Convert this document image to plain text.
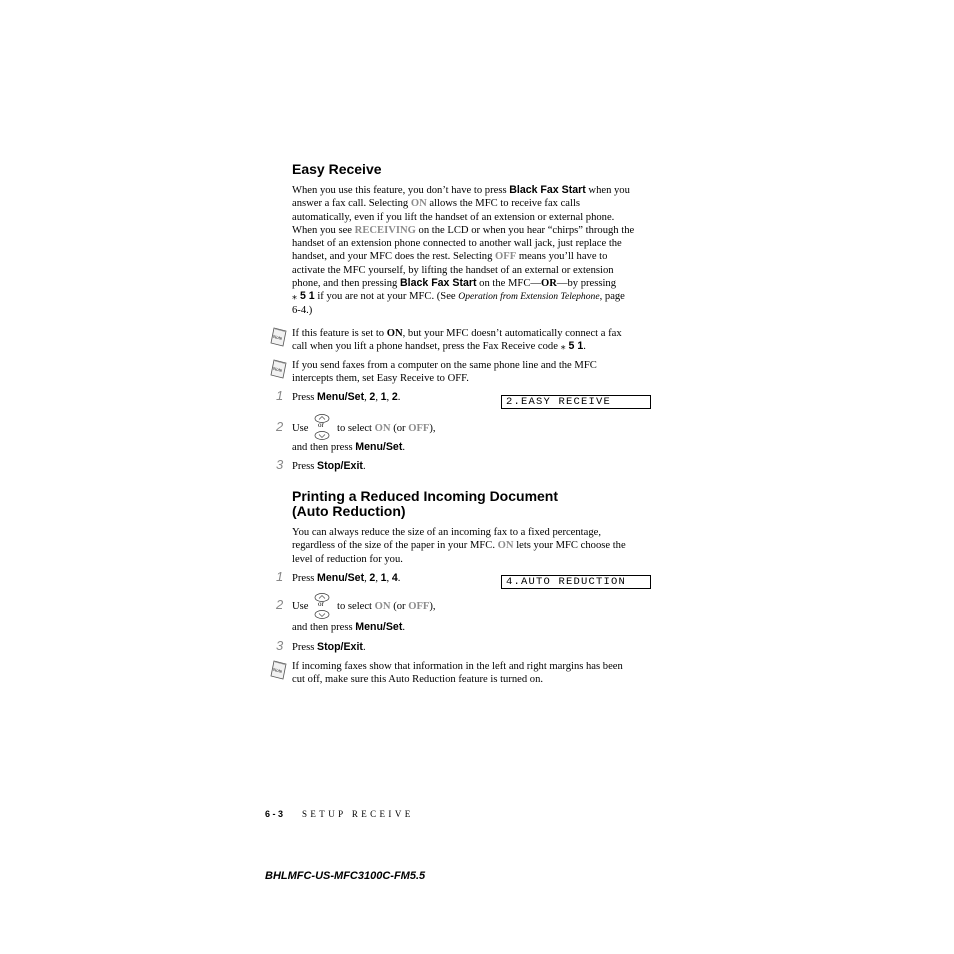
Easy Receive
When you use this feature, you don’t have to press Black Fax Start when you
answer a fax call. Selecting ON allows the MFC to receive fax calls
automatically, even if you lift the handset of an extension or external phone.
When you see RECEIVING on the LCD or when you hear “chirps” through the
handset of an extension phone connected to another wall jack, just replace the
handset, and your MFC does the rest. Selecting OFF means you’ll have to
activate the MFC yourself, by lifting the handset of an external or extension
phone, and then pressing Black Fax Start on the MFC—OR—by pressing
⁎ 5 1 if you are not at your MFC. (See Operation from Extension Telephone, page
6-4.)
If this feature is set to ON, but your MFC doesn’t automatically connect a fax
call when you lift a phone handset, press the Fax Receive code ⁎ 5 1.
If you send faxes from a computer on the same phone line and the MFC
intercepts them, set Easy Receive to OFF.
1 Press Menu/Set, 2, 1, 2.	2.EASY RECEIVE
2 Use or to select ON (or OFF),
and then press Menu/Set.
3 Press Stop/Exit.
Printing a Reduced Incoming Document
(Auto Reduction)
You can always reduce the size of an incoming fax to a fixed percentage,
regardless of the size of the paper in your MFC. ON lets your MFC choose the
level of reduction for you.
1 Press Menu/Set, 2, 1, 4.	4.AUTO REDUCTION
2 Use or to select ON (or OFF),
and then press Menu/Set.
3 Press Stop/Exit.
If incoming faxes show that information in the left and right margins has been
cut off, make sure this Auto Reduction feature is turned on.
6 - 3 SETUP RECEIVE
BHLMFC-US-MFC3100C-FM5.5
